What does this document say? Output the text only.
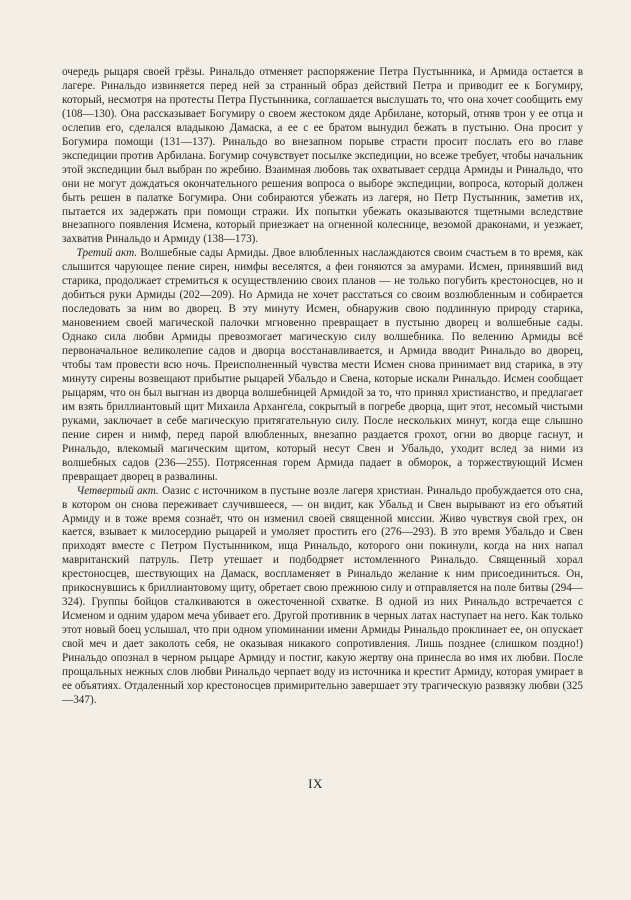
очередь рыцаря своей грёзы. Ринальдо отменяет распоряжение Петра Пустынника, и Армида остается в лагере. Ринальдо извиняется перед ней за странный образ действий Петра и приводит ее к Богумиру, который, несмотря на протесты Петра Пустынника, соглашается выслушать то, что она хочет сообщить ему (108—130). Она рассказывает Богумиру о своем жестоком дяде Арбилане, который, отняв трон у ее отца и ослепив его, сделался владыкою Дамаска, а ее с ее братом вынудил бежать в пустыню. Она просит у Богумира помощи (131—137). Ринальдо во внезапном порыве страсти просит послать его во главе экспедиции против Арбилана. Богумир сочувствует посылке экспедиции, но всеже требует, чтобы начальник этой экспедиции был выбран по жребию. Взаимная любовь так охватывает сердца Армиды и Ринальдо, что они не могут дождаться окончательного решения вопроса о выборе экспедиции, вопроса, который должен быть решен в палатке Богумира. Они собираются убежать из лагеря, но Петр Пустынник, заметив их, пытается их задержать при помощи стражи. Их попытки убежать оказываются тщетными вследствие внезапного появления Исмена, который приезжает на огненной колеснице, везомой драконами, и уезжает, захватив Ринальдо и Армиду (138—173).

Третий акт. Волшебные сады Армиды. Двое влюбленных наслаждаются своим счастьем в то время, как слышится чарующее пение сирен, нимфы веселятся, а феи гоняются за амурами. Исмен, принявший вид старика, продолжает стремиться к осуществлению своих планов — не только погубить крестоносцев, но и добиться руки Армиды (202—209). Но Армида не хочет расстаться со своим возлюбленным и собирается последовать за ним во дворец. В эту минуту Исмен, обнаружив свою подлинную природу старика, мановением своей магической палочки мгновенно превращает в пустыню дворец и волшебные сады. Однако сила любви Армиды превозмогает магическую силу волшебника. По велению Армиды всё первоначальное великолепие садов и дворца восстанавливается, и Армида вводит Ринальдо во дворец, чтобы там провести всю ночь. Преисполненный чувства мести Исмен снова принимает вид старика, в эту минуту сирены возвещают прибытие рыцарей Убальдо и Свена, которые искали Ринальдо. Исмен сообщает рыцарям, что он был выгнан из дворца волшебницей Армидой за то, что принял христианство, и предлагает им взять бриллиантовый щит Михаила Архангела, сокрытый в погребе дворца, щит этот, несомый чистыми руками, заключает в себе магическую притягательную силу. После нескольких минут, когда еще слышно пение сирен и нимф, перед парой влюбленных, внезапно раздается грохот, огни во дворце гаснут, и Ринальдо, влекомый магическим щитом, который несут Свен и Убальдо, уходит вслед за ними из волшебных садов (236—255). Потрясенная горем Армида падает в обморок, а торжествующий Исмен превращает дворец в развалины.

Четвертый акт. Оазис с источником в пустыне возле лагеря христиан. Ринальдо пробуждается ото сна, в котором он снова переживает случившееся, — он видит, как Убальд и Свен вырывают из его объятий Армиду и в тоже время сознаёт, что он изменил своей священной миссии. Живо чувствуя свой грех, он кается, взывает к милосердию рыцарей и умоляет простить его (276—293). В это время Убальдо и Свен приходят вместе с Петром Пустынником, ища Ринальдо, которого они покинули, когда на них напал мавританский патруль. Петр утешает и подбодряет истомленного Ринальдо. Священный хорал крестоносцев, шествующих на Дамаск, воспламеняет в Ринальдо желание к ним присоединиться. Он, прикоснувшись к бриллиантовому щиту, обретает свою прежнюю силу и отправляется на поле битвы (294—324). Группы бойцов сталкиваются в ожесточенной схватке. В одной из них Ринальдо встречается с Исменом и одним ударом меча убивает его. Другой противник в черных латах наступает на него. Как только этот новый боец услышал, что при одном упоминании имени Армиды Ринальдо проклинает ее, он опускает свой меч и дает заколоть себя, не оказывая никакого сопротивления. Лишь позднее (слишком поздно!) Ринальдо опознал в черном рыцаре Армиду и постиг, какую жертву она принесла во имя их любви. После прощальных нежных слов любви Ринальдо черпает воду из источника и крестит Армиду, которая умирает в ее объятиях. Отдаленный хор крестоносцев примирительно завершает эту трагическую развязку любви (325—347).

IX
